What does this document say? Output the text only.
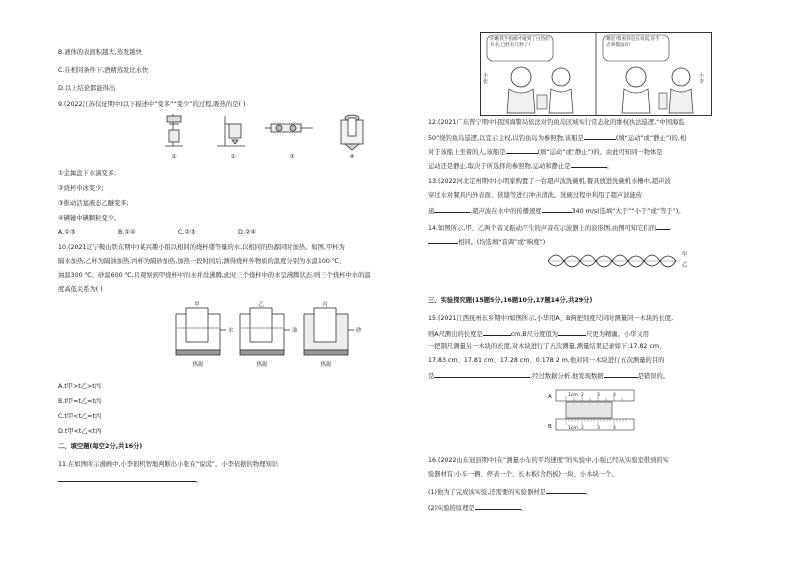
B.液体的表面积越大,蒸发越快
C.在相同条件下,酒精蒸发比水快
D.以上结论都能得出
9.(2022江苏仪征期中)以下描述中“变多”“变少”的过程,吸热的是( )
①	②	③	④
①金属盘下水滴变多;
②烧杯中冰变少;
③推动活塞液态乙醚变多;
④碘锤中碘颗粒变少。
A.①③	B.①④	C.②③	D.②④
10.(2021辽宁鞍山铁东期中)某兴趣小组以相同的烧杯盛等量的水,以相同的热源同时加热。如图,甲杯为
隔水加热,乙杯为隔油加热,丙杯为隔砂加热,加热一段时间后,测得烧杯外物质的温度分别为水温100 ℃、
油温300 ℃、砂温600 ℃,且观察到甲烧杯中的水并没沸腾,此时三个烧杯中的水呈沸腾状态,则三个烧杯中水的温
度高低关系为( )
甲	乙	丙
水	油	砂
热源	热源	热源
A.t甲>t乙>t丙
B.t甲=t乙=t丙
C.t甲<t乙=t丙
D.t甲<t乙<t丙
二、填空题(每空2分,共16分)
11.在如图所示漫画中,小李很机智地判断出小张在“说谎”。小李依据的物理知识
。
你瞧我手指刚才碰到了白热的开水,已经有几秒了!
哪里!我看你是在说谎,你手一点事都没有!
小张
小李
12.(2021广东普宁期中)我国海警局依法对钓鱼岛区域实行常态化的维权执法巡逻,“中国海监
50”绕钓鱼岛巡逻,以宣示主权,以钓鱼岛为参照物,该船是	(填“运动”或“静止”)的,相
对于该船上坐着的人,该船是	(填“运动”或“静止”)的。由此可知同一物体是
运动还是静止,取决于所选择的参照物,运动和静止是	。
13.(2022河北定州期中)小明家购置了一台超声波洗碗机,餐具放进洗碗机水槽中,超声波
穿过水对餐具内外表面、狭缝等进行冲击清洗。洗碗过程中利用了超声波能传
递	,超声波在水中的传播速度	340 m/s(选填“大于”“小于”或“等于”)。
14.如图所示,甲、乙两个音叉振动产生的声音在示波器上的波形图,由图可知它们的
相同。(均选填“音调”或“响度”)
甲
乙
三、实验探究题(15题5分,16题10分,17题14分,共29分)
15.(2021江西抚州东乡期中)如图所示,小华用A、B两把刻度尺同时测量同一木块的长度,
则A尺测出的长度是	cm,B尺分度值为	尺更为精确。小华又用
一把钢尺测量另一木块的长度,对木块进行了五次测量,测量结果记录如下:17.82 cm、
17.83 cm、17.81 cm、17.28 cm、0.178 2 m,他对同一木块进行五次测量的目的
是	,经过数据分析,他发现数据	是错误的。
A
B
1cm 2	3	4
1cm 2	3	4
16.(2022山东冠县期中)在“测量小车的平均速度”的实验中,小强已经从实验室借到的实
验器材有:小车一辆、停表一个、长木板(含挡板)一块、小木块一个。
(1)他为了完成该实验,还需要的实验器材是	。
(2)实验的原理是	。
